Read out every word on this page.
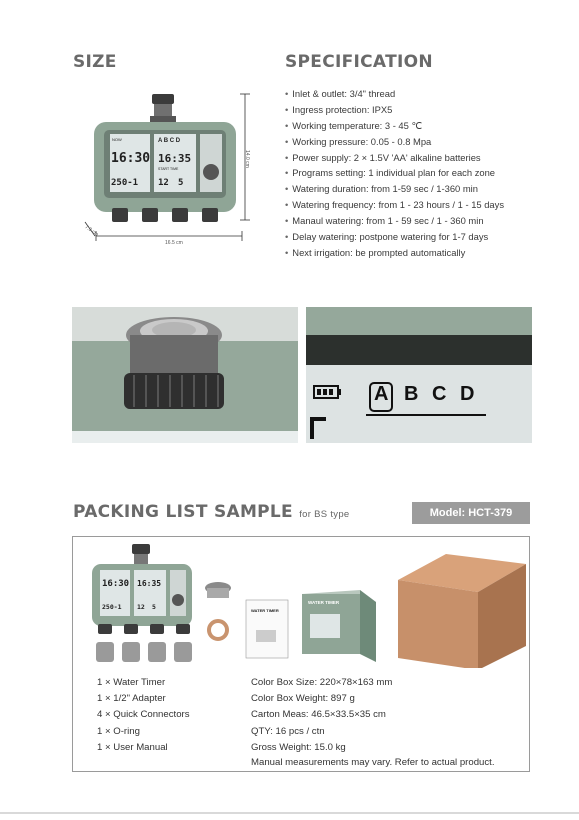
SIZE
NOW	A B C D
16:30 16:35
START TIME
250-1 12 5
14.0 cm
16.5 cm
7.3 cm
SPECIFICATION
• Inlet & outlet: 3/4" thread
• Ingress protection: IPX5
• Working temperature: 3 - 45 ℃
• Working pressure: 0.05 - 0.8 Mpa
• Power supply: 2 × 1.5V 'AA' alkaline batteries
• Programs setting: 1 individual plan for each zone
• Watering duration: from 1-59 sec / 1-360 min
• Watering frequency: from 1 - 23 hours / 1 - 15 days
• Manaul watering: from 1 - 59 sec / 1 - 360 min
• Delay watering: postpone watering for 1-7 days
• Next irrigation: be prompted automatically
A B C D
PACKING LIST SAMPLE for BS type	Model: HCT-379
16:30 16:35
250-1 12 5	WATER TIMER
WATER TIMER
1 × Water Timer
1 × 1/2" Adapter
4 × Quick Connectors
1 × O-ring
1 × User Manual
Color Box Size: 220×78×163 mm
Color Box Weight: 897 g
Carton Meas: 46.5×33.5×35 cm
QTY: 16 pcs / ctn
Gross Weight: 15.0 kg
Manual measurements may vary. Refer to actual product.
